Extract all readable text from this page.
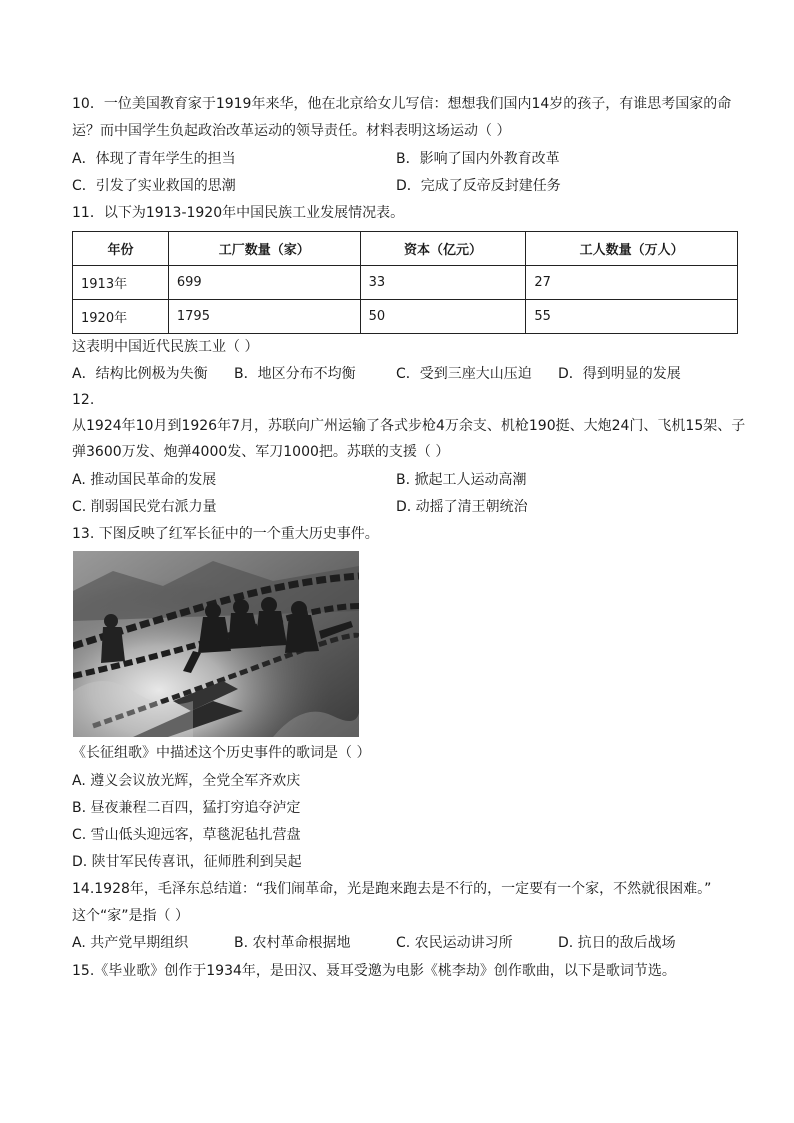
10．一位美国教育家于1919年来华，他在北京给女儿写信：想想我们国内14岁的孩子，有谁思考国家的命
运？而中国学生负起政治改革运动的领导责任。材料表明这场运动（ ）
A．体现了青年学生的担当	B．影响了国内外教育改革
C．引发了实业救国的思潮	D．完成了反帝反封建任务
11．以下为1913-1920年中国民族工业发展情况表。
年份	工厂数量（家）	资本（亿元）	工人数量（万人）
1913年	699	33	27
1920年	1795	50	55
这表明中国近代民族工业（ ）
A．结构比例极为失衡 B．地区分布不均衡	C．受到三座大山压迫 D．得到明显的发展
12.
从1924年10月到1926年7月，苏联向广州运输了各式步枪4万余支、机枪190挺、大炮24门、飞机15架、子
弹3600万发、炮弹4000发、军刀1000把。苏联的支援（ ）
A. 推动国民革命的发展	B. 掀起工人运动高潮
C. 削弱国民党右派力量	D. 动摇了清王朝统治
13. 下图反映了红军长征中的一个重大历史事件。
《长征组歌》中描述这个历史事件的歌词是（ ）
A. 遵义会议放光辉，全党全军齐欢庆
B. 昼夜兼程二百四，猛打穷追夺泸定
C. 雪山低头迎远客，草毯泥毡扎营盘
D. 陕甘军民传喜讯，征师胜利到吴起
14.1928年，毛泽东总结道：“我们闹革命，光是跑来跑去是不行的，一定要有一个家，不然就很困难。”
这个“家”是指（ ）
A. 共产党早期组织	B. 农村革命根据地	C. 农民运动讲习所	D. 抗日的敌后战场
15.《毕业歌》创作于1934年，是田汉、聂耳受邀为电影《桃李劫》创作歌曲，以下是歌词节选。
